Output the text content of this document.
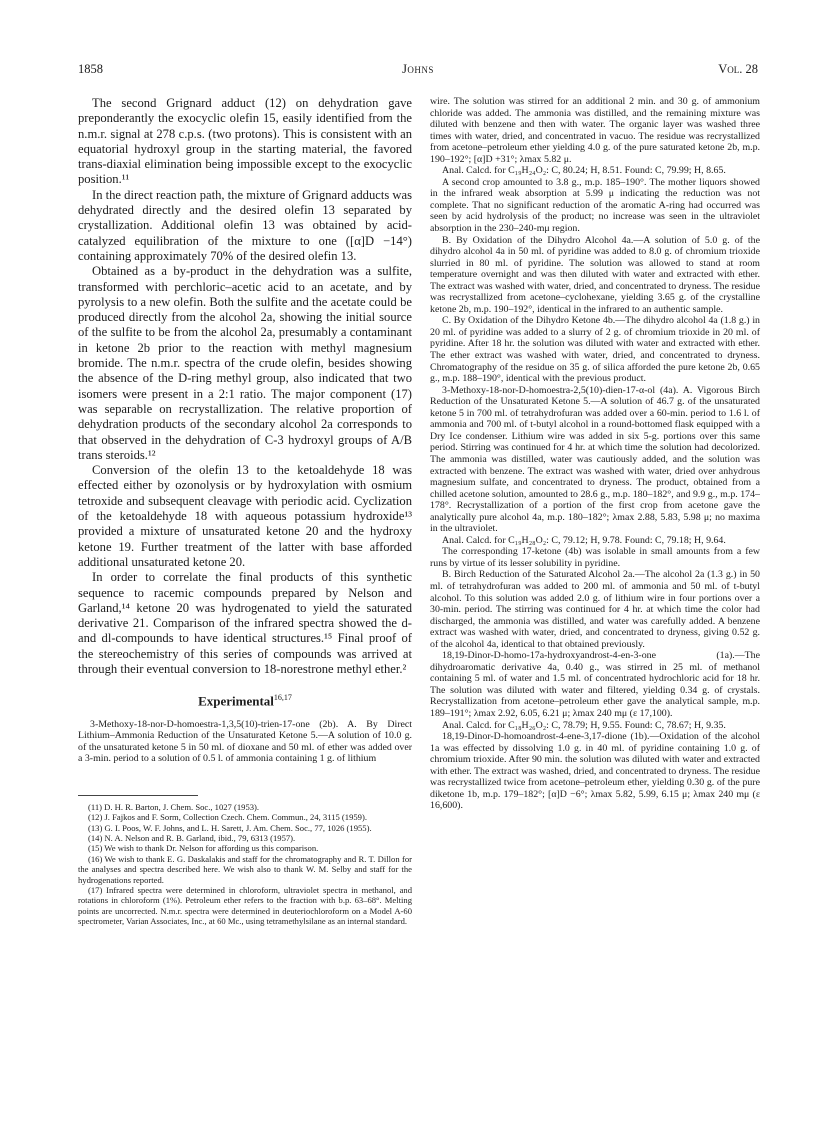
1858	Johns	Vol. 28

The second Grignard adduct (12) on dehydration gave preponderantly the exocyclic olefin 15, easily identified from the n.m.r. signal at 278 c.p.s. (two protons). This is consistent with an equatorial hydroxyl group in the starting material, the favored trans-diaxial elimination being impossible except to the exocyclic position.¹¹

In the direct reaction path, the mixture of Grignard adducts was dehydrated directly and the desired olefin 13 separated by crystallization. Additional olefin 13 was obtained by acid-catalyzed equilibration of the mixture to one ([α]D −14°) containing approximately 70% of the desired olefin 13.

Obtained as a by-product in the dehydration was a sulfite, transformed with perchloric–acetic acid to an acetate, and by pyrolysis to a new olefin. Both the sulfite and the acetate could be produced directly from the alcohol 2a, showing the initial source of the sulfite to be from the alcohol 2a, presumably a contaminant in ketone 2b prior to the reaction with methyl magnesium bromide. The n.m.r. spectra of the crude olefin, besides showing the absence of the D-ring methyl group, also indicated that two isomers were present in a 2:1 ratio. The major component (17) was separable on recrystallization. The relative proportion of dehydration products of the secondary alcohol 2a corresponds to that observed in the dehydration of C-3 hydroxyl groups of A/B trans steroids.¹²

Conversion of the olefin 13 to the ketoaldehyde 18 was effected either by ozonolysis or by hydroxylation with osmium tetroxide and subsequent cleavage with periodic acid. Cyclization of the ketoaldehyde 18 with aqueous potassium hydroxide¹³ provided a mixture of unsaturated ketone 20 and the hydroxy ketone 19. Further treatment of the latter with base afforded additional unsaturated ketone 20.

In order to correlate the final products of this synthetic sequence to racemic compounds prepared by Nelson and Garland,¹⁴ ketone 20 was hydrogenated to yield the saturated derivative 21. Comparison of the infrared spectra showed the d- and dl-compounds to have identical structures.¹⁵ Final proof of the stereochemistry of this series of compounds was arrived at through their eventual conversion to 18-norestrone methyl ether.²

Experimental$^{16,17}$

3-Methoxy-18-nor-D-homoestra-1,3,5(10)-trien-17-one (2b). A. By Direct Lithium–Ammonia Reduction of the Unsaturated Ketone 5.—A solution of 10.0 g. of the unsaturated ketone 5 in 50 ml. of dioxane and 50 ml. of ether was added over a 3-min. period to a solution of 0.5 l. of ammonia containing 1 g. of lithium

(11) D. H. R. Barton, J. Chem. Soc., 1027 (1953).

(12) J. Fajkos and F. Sorm, Collection Czech. Chem. Commun., 24, 3115 (1959).

(13) G. I. Poos, W. F. Johns, and L. H. Sarett, J. Am. Chem. Soc., 77, 1026 (1955).

(14) N. A. Nelson and R. B. Garland, ibid., 79, 6313 (1957).

(15) We wish to thank Dr. Nelson for affording us this comparison.

(16) We wish to thank E. G. Daskalakis and staff for the chromatography and R. T. Dillon for the analyses and spectra described here. We wish also to thank W. M. Selby and staff for the hydrogenations reported.

(17) Infrared spectra were determined in chloroform, ultraviolet spectra in methanol, and rotations in chloroform (1%). Petroleum ether refers to the fraction with b.p. 63–68°. Melting points are uncorrected. N.m.r. spectra were determined in deuteriochloroform on a Model A-60 spectrometer, Varian Associates, Inc., at 60 Mc., using tetramethylsilane as an internal standard.

wire. The solution was stirred for an additional 2 min. and 30 g. of ammonium chloride was added. The ammonia was distilled, and the remaining mixture was diluted with benzene and then with water. The organic layer was washed three times with water, dried, and concentrated in vacuo. The residue was recrystallized from acetone–petroleum ether yielding 4.0 g. of the pure saturated ketone 2b, m.p. 190–192°; [α]D +31°; λmax 5.82 μ.

Anal. Calcd. for C₁₉H₂₄O₂: C, 80.24; H, 8.51. Found: C, 79.99; H, 8.65.

A second crop amounted to 3.8 g., m.p. 185–190°. The mother liquors showed in the infrared weak absorption at 5.99 μ indicating the reduction was not complete. That no significant reduction of the aromatic A-ring had occurred was seen by acid hydrolysis of the product; no increase was seen in the ultraviolet absorption in the 230–240-mμ region.

B. By Oxidation of the Dihydro Alcohol 4a.—A solution of 5.0 g. of the dihydro alcohol 4a in 50 ml. of pyridine was added to 8.0 g. of chromium trioxide slurried in 80 ml. of pyridine. The solution was allowed to stand at room temperature overnight and was then diluted with water and extracted with ether. The extract was washed with water, dried, and concentrated to dryness. The residue was recrystallized from acetone–cyclohexane, yielding 3.65 g. of the crystalline ketone 2b, m.p. 190–192°, identical in the infrared to an authentic sample.

C. By Oxidation of the Dihydro Ketone 4b.—The dihydro alcohol 4a (1.8 g.) in 20 ml. of pyridine was added to a slurry of 2 g. of chromium trioxide in 20 ml. of pyridine. After 18 hr. the solution was diluted with water and extracted with ether. The ether extract was washed with water, dried, and concentrated to dryness. Chromatography of the residue on 35 g. of silica afforded the pure ketone 2b, 0.65 g., m.p. 188–190°, identical with the previous product.

3-Methoxy-18-nor-D-homoestra-2,5(10)-dien-17-α-ol (4a). A. Vigorous Birch Reduction of the Unsaturated Ketone 5.—A solution of 46.7 g. of the unsaturated ketone 5 in 700 ml. of tetrahydrofuran was added over a 60-min. period to 1.6 l. of ammonia and 700 ml. of t-butyl alcohol in a round-bottomed flask equipped with a Dry Ice condenser. Lithium wire was added in six 5-g. portions over this same period. Stirring was continued for 4 hr. at which time the solution had decolorized. The ammonia was distilled, water was cautiously added, and the solution was extracted with benzene. The extract was washed with water, dried over anhydrous magnesium sulfate, and concentrated to dryness. The product, obtained from a chilled acetone solution, amounted to 28.6 g., m.p. 180–182°, and 9.9 g., m.p. 174–178°. Recrystallization of a portion of the first crop from acetone gave the analytically pure alcohol 4a, m.p. 180–182°; λmax 2.88, 5.83, 5.98 μ; no maxima in the ultraviolet.

Anal. Calcd. for C₁₉H₂₈O₂: C, 79.12; H, 9.78. Found: C, 79.18; H, 9.64.

The corresponding 17-ketone (4b) was isolable in small amounts from a few runs by virtue of its lesser solubility in pyridine.

B. Birch Reduction of the Saturated Alcohol 2a.—The alcohol 2a (1.3 g.) in 50 ml. of tetrahydrofuran was added to 200 ml. of ammonia and 50 ml. of t-butyl alcohol. To this solution was added 2.0 g. of lithium wire in four portions over a 30-min. period. The stirring was continued for 4 hr. at which time the color had discharged, the ammonia was distilled, and water was carefully added. A benzene extract was washed with water, dried, and concentrated to dryness, giving 0.52 g. of the alcohol 4a, identical to that obtained previously.

18,19-Dinor-D-homo-17a-hydroxyandrost-4-en-3-one (1a).—The dihydroaromatic derivative 4a, 0.40 g., was stirred in 25 ml. of methanol containing 5 ml. of water and 1.5 ml. of concentrated hydrochloric acid for 18 hr. The solution was diluted with water and filtered, yielding 0.34 g. of crystals. Recrystallization from acetone–petroleum ether gave the analytical sample, m.p. 189–191°; λmax 2.92, 6.05, 6.21 μ; λmax 240 mμ (ε 17,100).

Anal. Calcd. for C₁₈H₂₆O₂: C, 78.79; H, 9.55. Found: C, 78.67; H, 9.35.

18,19-Dinor-D-homoandrost-4-ene-3,17-dione (1b).—Oxidation of the alcohol 1a was effected by dissolving 1.0 g. in 40 ml. of pyridine containing 1.0 g. of chromium trioxide. After 90 min. the solution was diluted with water and extracted with ether. The extract was washed, dried, and concentrated to dryness. The residue was recrystallized twice from acetone–petroleum ether, yielding 0.30 g. of the pure diketone 1b, m.p. 179–182°; [α]D −6°; λmax 5.82, 5.99, 6.15 μ; λmax 240 mμ (ε 16,600).
